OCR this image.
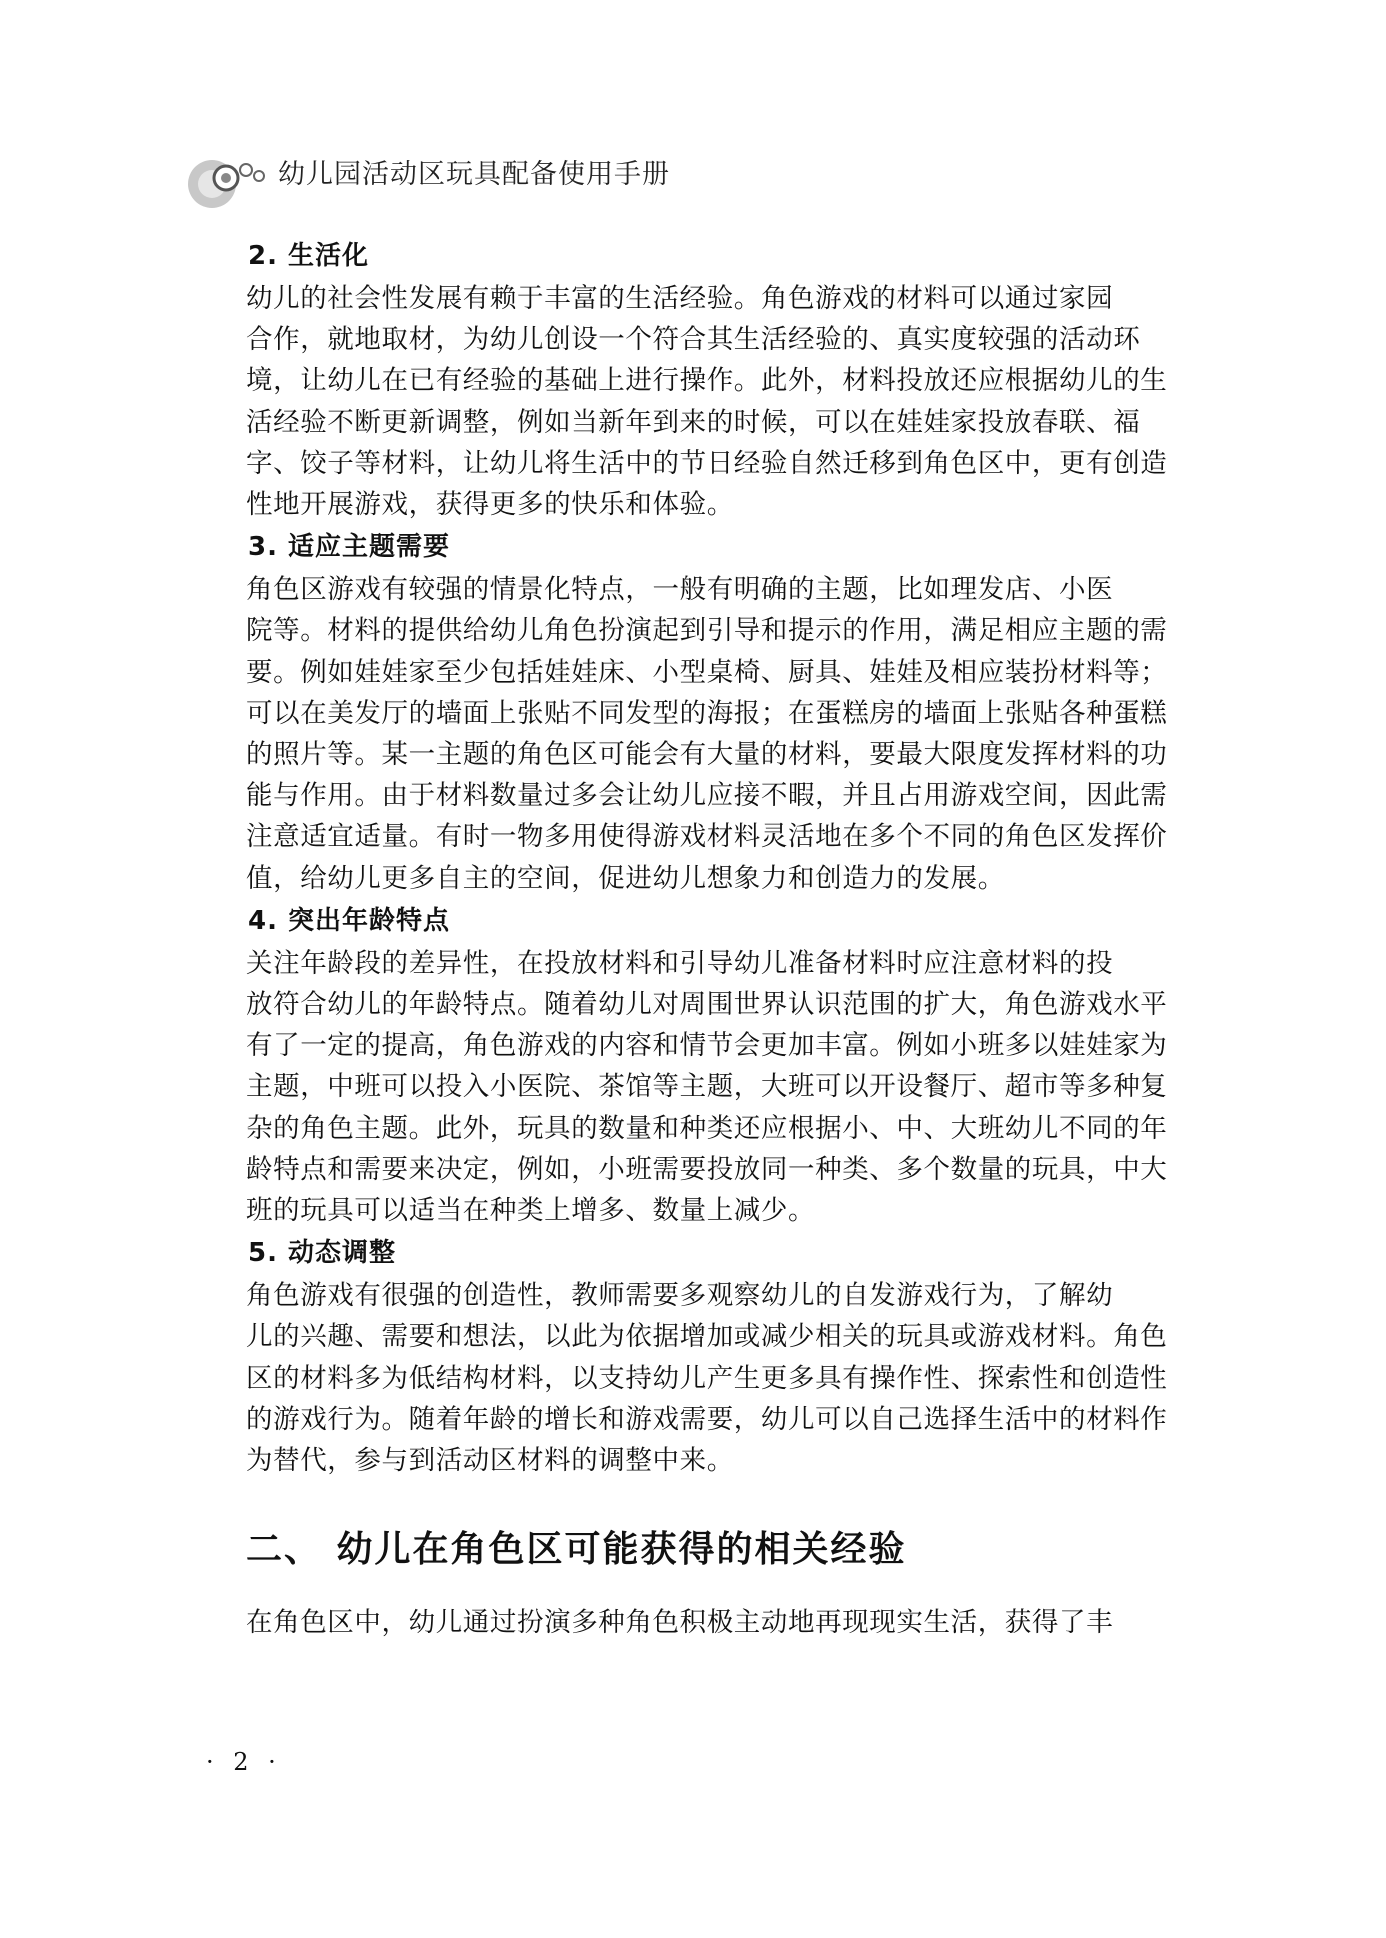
幼儿园活动区玩具配备使用手册
2. 生活化
幼儿的社会性发展有赖于丰富的生活经验。角色游戏的材料可以通过家园
合作，就地取材，为幼儿创设一个符合其生活经验的、真实度较强的活动环
境，让幼儿在已有经验的基础上进行操作。此外，材料投放还应根据幼儿的生
活经验不断更新调整，例如当新年到来的时候，可以在娃娃家投放春联、福
字、饺子等材料，让幼儿将生活中的节日经验自然迁移到角色区中，更有创造
性地开展游戏，获得更多的快乐和体验。
3. 适应主题需要
角色区游戏有较强的情景化特点，一般有明确的主题，比如理发店、小医
院等。材料的提供给幼儿角色扮演起到引导和提示的作用，满足相应主题的需
要。例如娃娃家至少包括娃娃床、小型桌椅、厨具、娃娃及相应装扮材料等；
可以在美发厅的墙面上张贴不同发型的海报；在蛋糕房的墙面上张贴各种蛋糕
的照片等。某一主题的角色区可能会有大量的材料，要最大限度发挥材料的功
能与作用。由于材料数量过多会让幼儿应接不暇，并且占用游戏空间，因此需
注意适宜适量。有时一物多用使得游戏材料灵活地在多个不同的角色区发挥价
值，给幼儿更多自主的空间，促进幼儿想象力和创造力的发展。
4. 突出年龄特点
关注年龄段的差异性，在投放材料和引导幼儿准备材料时应注意材料的投
放符合幼儿的年龄特点。随着幼儿对周围世界认识范围的扩大，角色游戏水平
有了一定的提高，角色游戏的内容和情节会更加丰富。例如小班多以娃娃家为
主题，中班可以投入小医院、茶馆等主题，大班可以开设餐厅、超市等多种复
杂的角色主题。此外，玩具的数量和种类还应根据小、中、大班幼儿不同的年
龄特点和需要来决定，例如，小班需要投放同一种类、多个数量的玩具，中大
班的玩具可以适当在种类上增多、数量上减少。
5. 动态调整
角色游戏有很强的创造性，教师需要多观察幼儿的自发游戏行为，了解幼
儿的兴趣、需要和想法，以此为依据增加或减少相关的玩具或游戏材料。角色
区的材料多为低结构材料，以支持幼儿产生更多具有操作性、探索性和创造性
的游戏行为。随着年龄的增长和游戏需要，幼儿可以自己选择生活中的材料作
为替代，参与到活动区材料的调整中来。
二、 幼儿在角色区可能获得的相关经验
在角色区中，幼儿通过扮演多种角色积极主动地再现现实生活，获得了丰
· 2 ·
